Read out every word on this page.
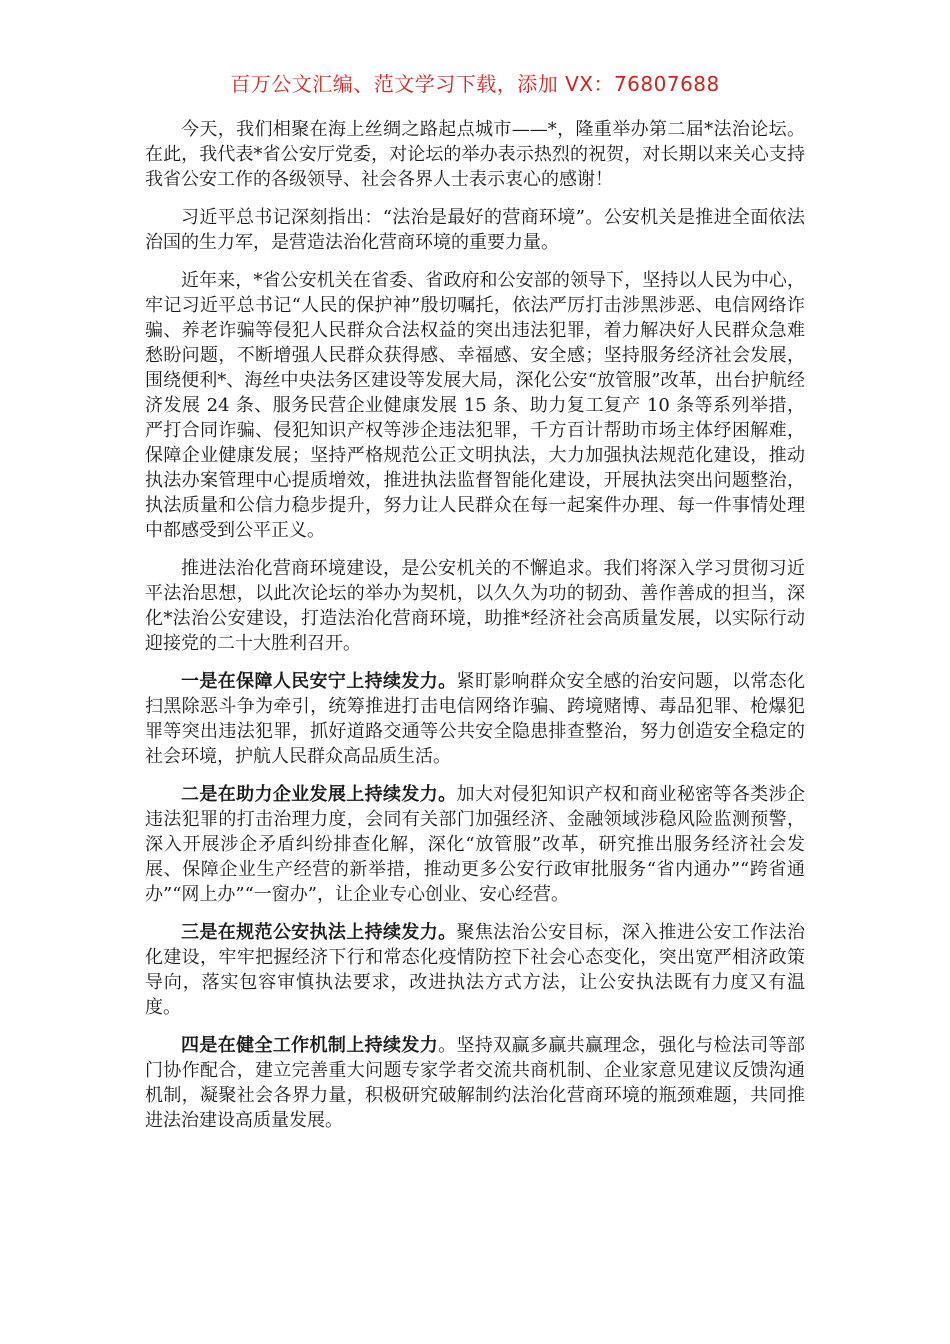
百万公文汇编、范文学习下载，添加 VX：76807688

今天，我们相聚在海上丝绸之路起点城市——*，隆重举办第二届*法治论坛。在此，我代表*省公安厅党委，对论坛的举办表示热烈的祝贺，对长期以来关心支持我省公安工作的各级领导、社会各界人士表示衷心的感谢！

习近平总书记深刻指出：“法治是最好的营商环境”。公安机关是推进全面依法治国的生力军，是营造法治化营商环境的重要力量。

近年来，*省公安机关在省委、省政府和公安部的领导下，坚持以人民为中心，牢记习近平总书记“人民的保护神”殷切嘱托，依法严厉打击涉黑涉恶、电信网络诈骗、养老诈骗等侵犯人民群众合法权益的突出违法犯罪，着力解决好人民群众急难愁盼问题，不断增强人民群众获得感、幸福感、安全感；坚持服务经济社会发展，围绕便利*、海丝中央法务区建设等发展大局，深化公安“放管服”改革，出台护航经济发展 24 条、服务民营企业健康发展 15 条、助力复工复产 10 条等系列举措，严打合同诈骗、侵犯知识产权等涉企违法犯罪，千方百计帮助市场主体纾困解难，保障企业健康发展；坚持严格规范公正文明执法，大力加强执法规范化建设，推动执法办案管理中心提质增效，推进执法监督智能化建设，开展执法突出问题整治，执法质量和公信力稳步提升，努力让人民群众在每一起案件办理、每一件事情处理中都感受到公平正义。

推进法治化营商环境建设，是公安机关的不懈追求。我们将深入学习贯彻习近平法治思想，以此次论坛的举办为契机，以久久为功的韧劲、善作善成的担当，深化*法治公安建设，打造法治化营商环境，助推*经济社会高质量发展，以实际行动迎接党的二十大胜利召开。

一是在保障人民安宁上持续发力。紧盯影响群众安全感的治安问题，以常态化扫黑除恶斗争为牵引，统筹推进打击电信网络诈骗、跨境赌博、毒品犯罪、枪爆犯罪等突出违法犯罪，抓好道路交通等公共安全隐患排查整治，努力创造安全稳定的社会环境，护航人民群众高品质生活。

二是在助力企业发展上持续发力。加大对侵犯知识产权和商业秘密等各类涉企违法犯罪的打击治理力度，会同有关部门加强经济、金融领域涉稳风险监测预警，深入开展涉企矛盾纠纷排查化解，深化“放管服”改革，研究推出服务经济社会发展、保障企业生产经营的新举措，推动更多公安行政审批服务“省内通办”“跨省通办”“网上办”“一窗办”，让企业专心创业、安心经营。

三是在规范公安执法上持续发力。聚焦法治公安目标，深入推进公安工作法治化建设，牢牢把握经济下行和常态化疫情防控下社会心态变化，突出宽严相济政策导向，落实包容审慎执法要求，改进执法方式方法，让公安执法既有力度又有温度。

四是在健全工作机制上持续发力。坚持双赢多赢共赢理念，强化与检法司等部门协作配合，建立完善重大问题专家学者交流共商机制、企业家意见建议反馈沟通机制，凝聚社会各界力量，积极研究破解制约法治化营商环境的瓶颈难题，共同推进法治建设高质量发展。
